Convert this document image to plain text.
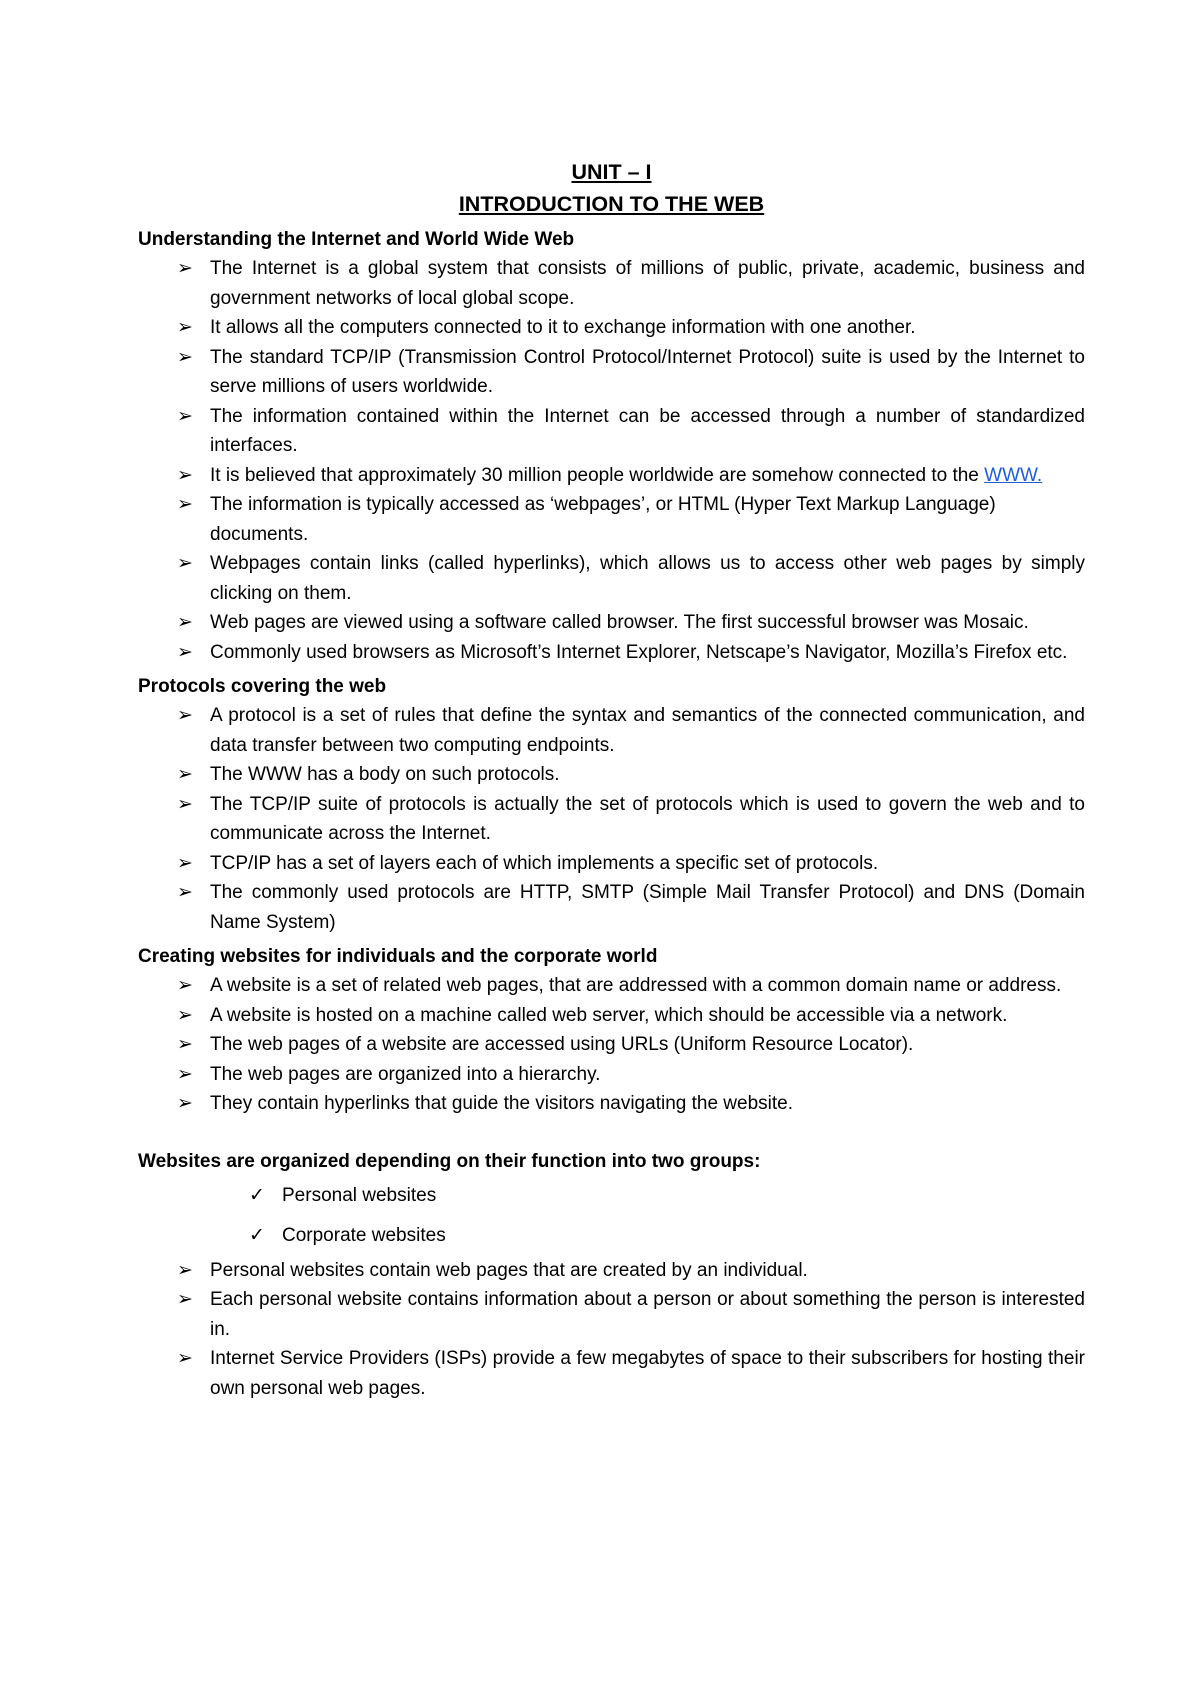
UNIT – I

INTRODUCTION TO THE WEB

Understanding the Internet and World Wide Web
➢ The Internet is a global system that consists of millions of public, private, academic, business and government networks of local global scope.
➢ It allows all the computers connected to it to exchange information with one another.
➢ The standard TCP/IP (Transmission Control Protocol/Internet Protocol) suite is used by the Internet to serve millions of users worldwide.
➢ The information contained within the Internet can be accessed through a number of standardized interfaces.
➢ It is believed that approximately 30 million people worldwide are somehow connected to the WWW.
➢ The information is typically accessed as ‘webpages’, or HTML (Hyper Text Markup Language) documents.
➢ Webpages contain links (called hyperlinks), which allows us to access other web pages by simply clicking on them.
➢ Web pages are viewed using a software called browser. The first successful browser was Mosaic.
➢ Commonly used browsers as Microsoft’s Internet Explorer, Netscape’s Navigator, Mozilla’s Firefox etc.
Protocols covering the web
➢ A protocol is a set of rules that define the syntax and semantics of the connected communication, and data transfer between two computing endpoints.
➢ The WWW has a body on such protocols.
➢ The TCP/IP suite of protocols is actually the set of protocols which is used to govern the web and to communicate across the Internet.
➢ TCP/IP has a set of layers each of which implements a specific set of protocols.
➢ The commonly used protocols are HTTP, SMTP (Simple Mail Transfer Protocol) and DNS (Domain Name System)
Creating websites for individuals and the corporate world
➢ A website is a set of related web pages, that are addressed with a common domain name or address.
➢ A website is hosted on a machine called web server, which should be accessible via a network.
➢ The web pages of a website are accessed using URLs (Uniform Resource Locator).
➢ The web pages are organized into a hierarchy.
➢ They contain hyperlinks that guide the visitors navigating the website.
Websites are organized depending on their function into two groups:
✓ Personal websites
✓ Corporate websites
➢ Personal websites contain web pages that are created by an individual.
➢ Each personal website contains information about a person or about something the person is interested in.
➢ Internet Service Providers (ISPs) provide a few megabytes of space to their subscribers for hosting their own personal web pages.
